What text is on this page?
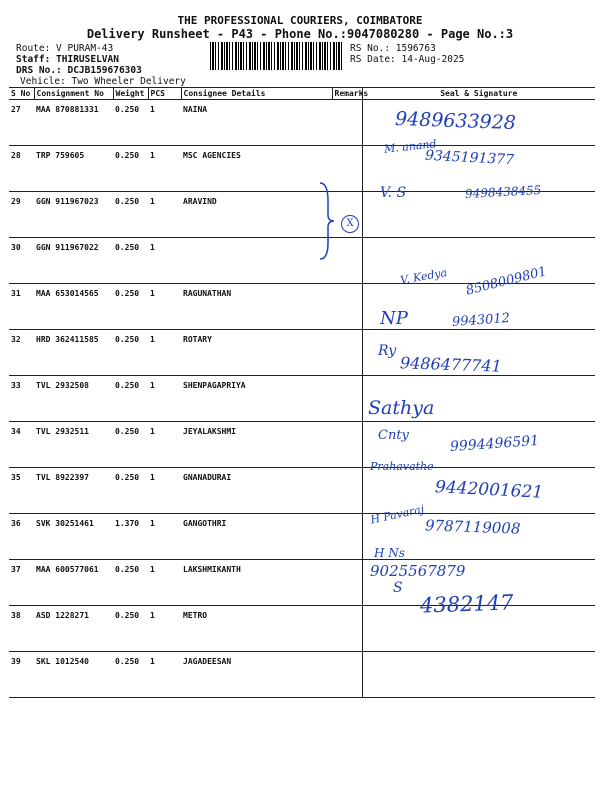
THE PROFESSIONAL COURIERS, COIMBATORE
Delivery Runsheet - P43 - Phone No.:9047080280 - Page No.:3
Route: V PURAM-43
Staff: THIRUSELVAN
DRS No.: DCJB159676303
Vehicle: Two Wheeler Delivery
RS No.: 1596763
RS Date: 14-Aug-2025
S No	Consignment No	Weight	PCS	Consignee Details	Remarks	Seal & Signature
27	MAA 870881331	0.250	1	NAINA		
28	TRP 759605	0.250	1	MSC AGENCIES		
29	GGN 911967023	0.250	1	ARAVIND		
30	GGN 911967022	0.250	1			
31	MAA 653014565	0.250	1	RAGUNATHAN		
32	HRD 362411585	0.250	1	ROTARY		
33	TVL 2932508	0.250	1	SHENPAGAPRIYA		
34	TVL 2932511	0.250	1	JEYALAKSHMI		
35	TVL 8922397	0.250	1	GNANADURAI		
36	SVK 30251461	1.370	1	GANGOTHRI		
37	MAA 600577061	0.250	1	LAKSHMIKANTH		
38	ASD 1228271	0.250	1	METRO		
39	SKL 1012540	0.250	1	JAGADEESAN		
9489633928
M. anand
9345191377
X
V. S	9498438455
V. Kedya 8508009801
NP	9943012
Ry
9486477741
Sathya
Cnty	9994496591
Prahavathe
9442001621
H Pavaraj
9787119008
H Ns
9025567879
S
4382147
